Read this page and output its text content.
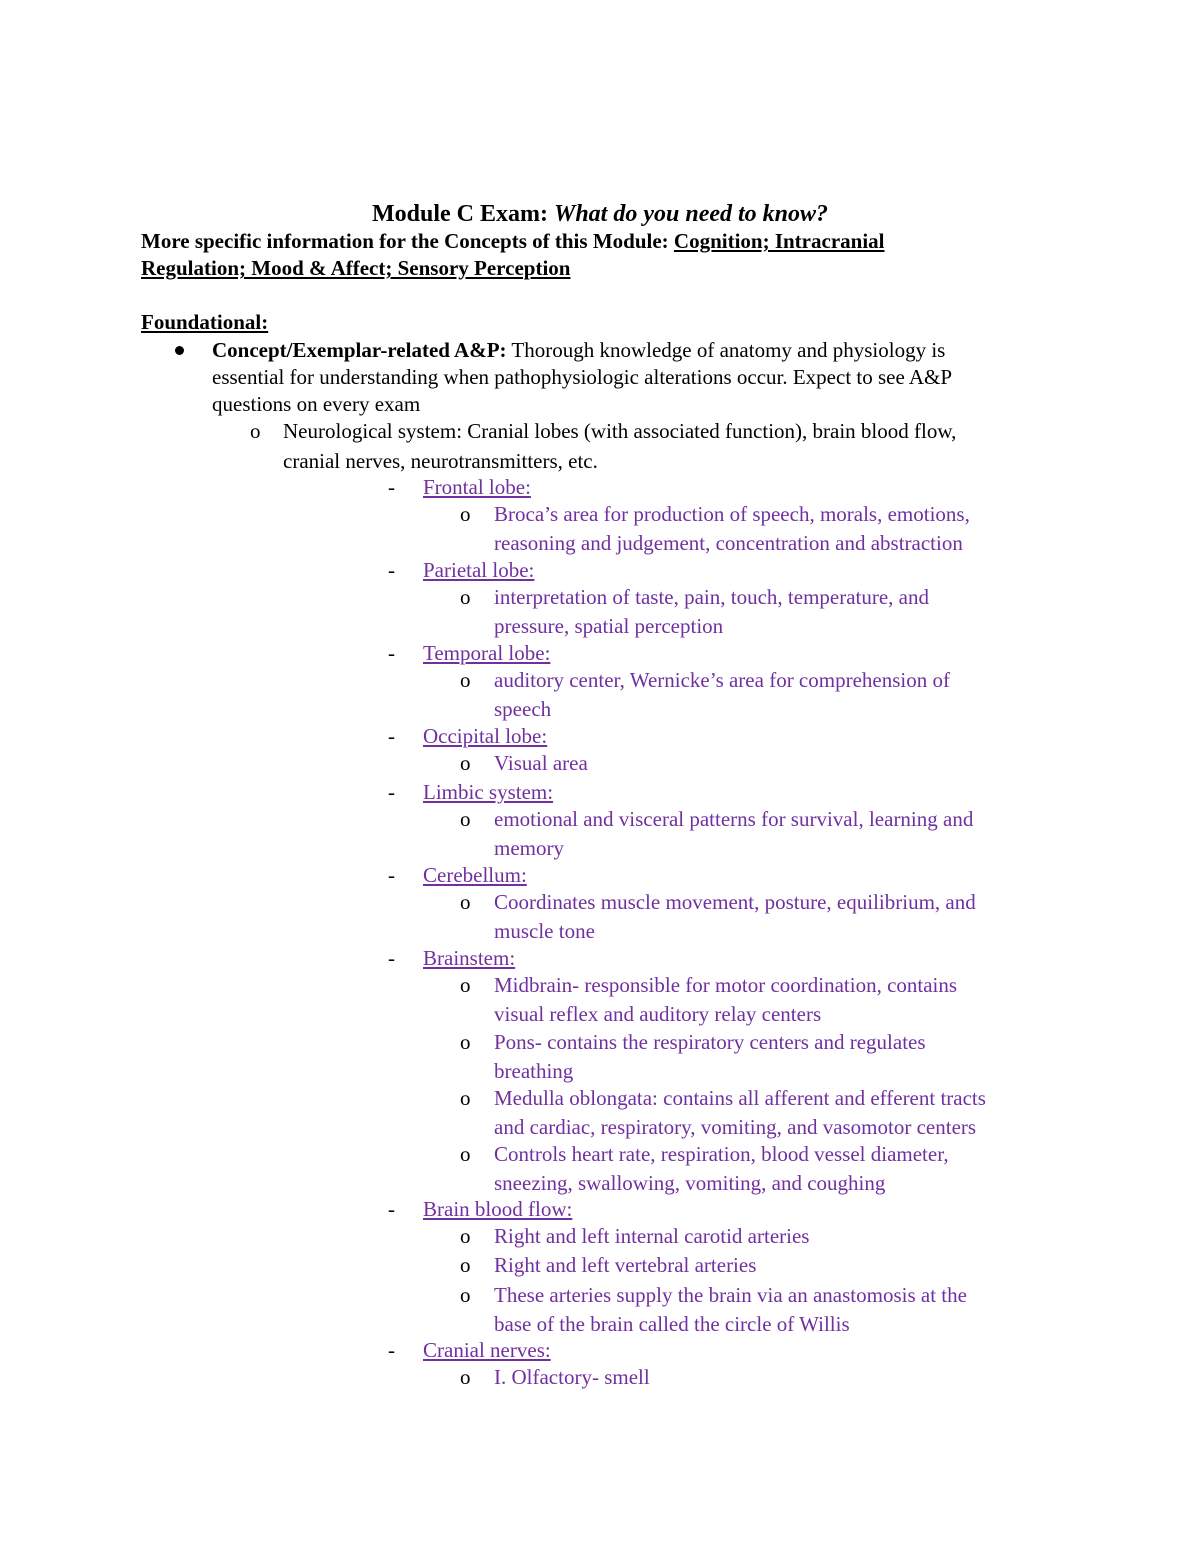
Module C Exam: What do you need to know?
More specific information for the Concepts of this Module: Cognition; Intracranial
Regulation; Mood & Affect; Sensory Perception
Foundational:
Concept/Exemplar-related A&P: Thorough knowledge of anatomy and physiology is
essential for understanding when pathophysiologic alterations occur. Expect to see A&P
questions on every exam
o Neurological system: Cranial lobes (with associated function), brain blood flow,
cranial nerves, neurotransmitters, etc.
- Frontal lobe:
o Broca’s area for production of speech, morals, emotions,
reasoning and judgement, concentration and abstraction
- Parietal lobe:
o interpretation of taste, pain, touch, temperature, and
pressure, spatial perception
- Temporal lobe:
o auditory center, Wernicke’s area for comprehension of
speech
- Occipital lobe:
o Visual area
- Limbic system:
o emotional and visceral patterns for survival, learning and
memory
- Cerebellum:
o Coordinates muscle movement, posture, equilibrium, and
muscle tone
- Brainstem:
o Midbrain- responsible for motor coordination, contains
visual reflex and auditory relay centers
o Pons- contains the respiratory centers and regulates
breathing
o Medulla oblongata: contains all afferent and efferent tracts
and cardiac, respiratory, vomiting, and vasomotor centers
o Controls heart rate, respiration, blood vessel diameter,
sneezing, swallowing, vomiting, and coughing
- Brain blood flow:
o Right and left internal carotid arteries
o Right and left vertebral arteries
o These arteries supply the brain via an anastomosis at the
base of the brain called the circle of Willis
- Cranial nerves:
o I. Olfactory- smell
